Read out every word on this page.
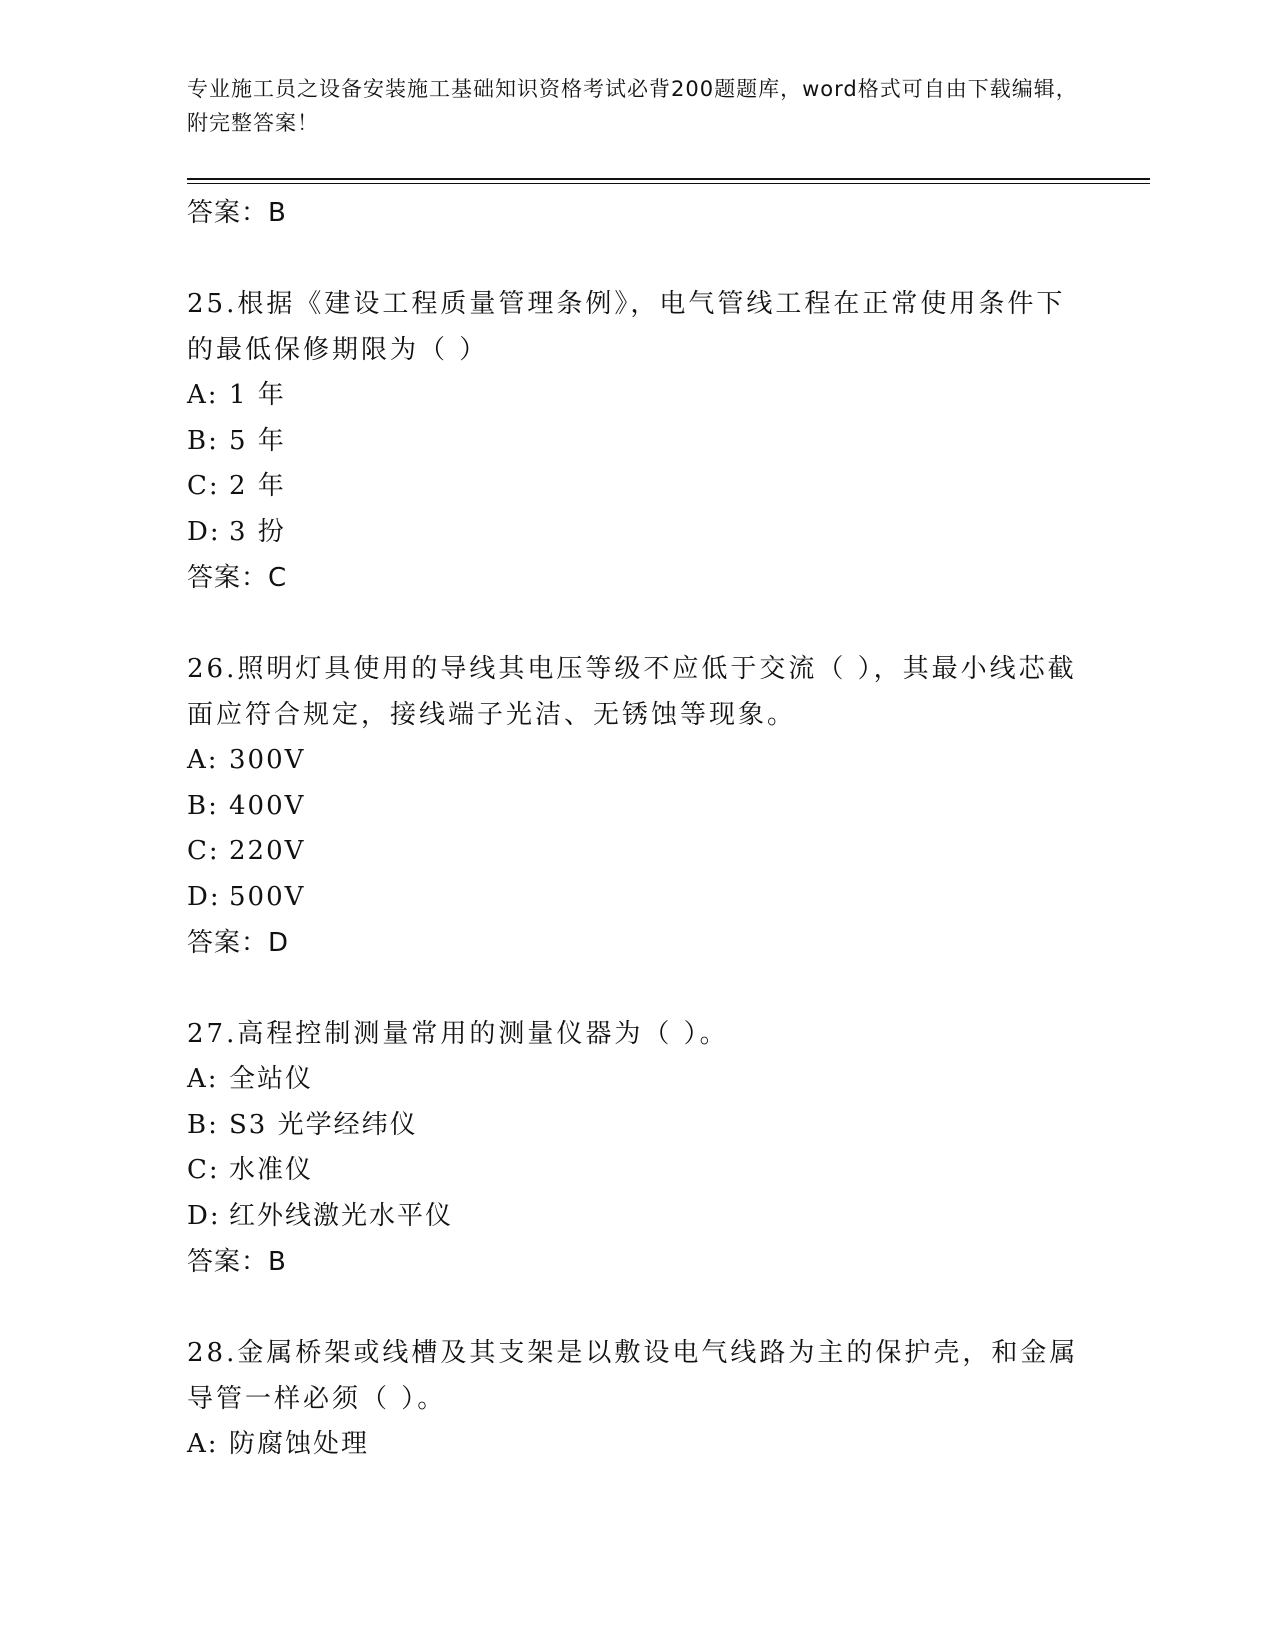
专业施工员之设备安装施工基础知识资格考试必背200题题库，word格式可自由下载编辑，附完整答案！
答案：B
25.根据《建设工程质量管理条例》，电气管线工程在正常使用条件下的最低保修期限为（ ）
A: 1 年
B: 5 年
C: 2 年
D: 3 扮
答案：C
26.照明灯具使用的导线其电压等级不应低于交流（ ），其最小线芯截面应符合规定，接线端子光洁、无锈蚀等现象。
A: 300V
B: 400V
C: 220V
D: 500V
答案：D
27.高程控制测量常用的测量仪器为（ ）。
A: 全站仪
B: S3 光学经纬仪
C: 水准仪
D: 红外线激光水平仪
答案：B
28.金属桥架或线槽及其支架是以敷设电气线路为主的保护壳，和金属导管一样必须（ ）。
A: 防腐蚀处理
